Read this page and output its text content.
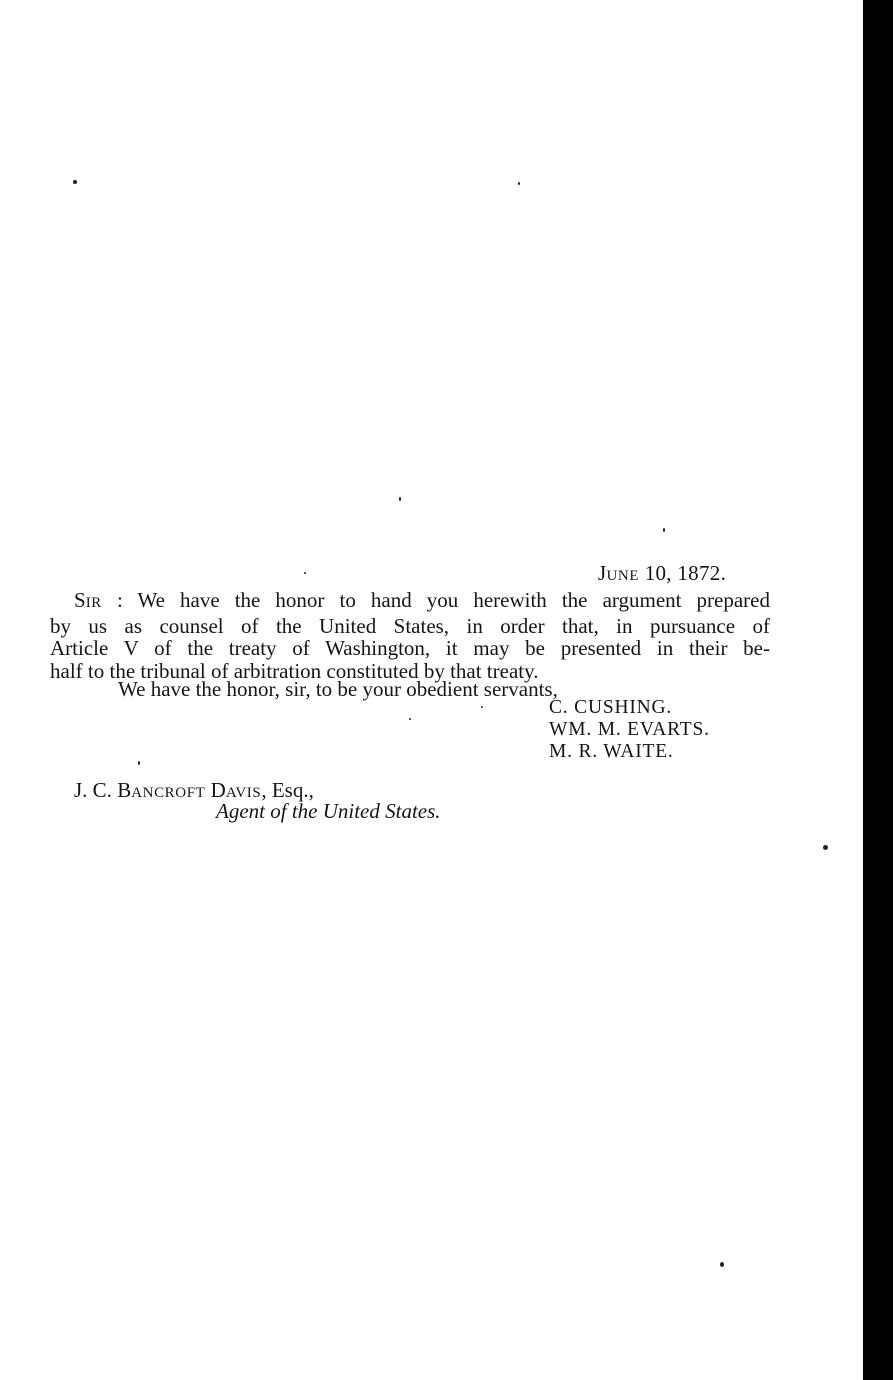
JUNE 10, 1872.
SIR : We have the honor to hand you herewith the argument prepared
by us as counsel of the United States, in order that, in pursuance of
Article V of the treaty of Washington, it may be presented in their be-
half to the tribunal of arbitration constituted by that treaty.
We have the honor, sir, to be your obedient servants,
C. CUSHING.
WM. M. EVARTS.
M. R. WAITE.
J. C. BANCROFT DAVIS, Esq.,
Agent of the United States.
